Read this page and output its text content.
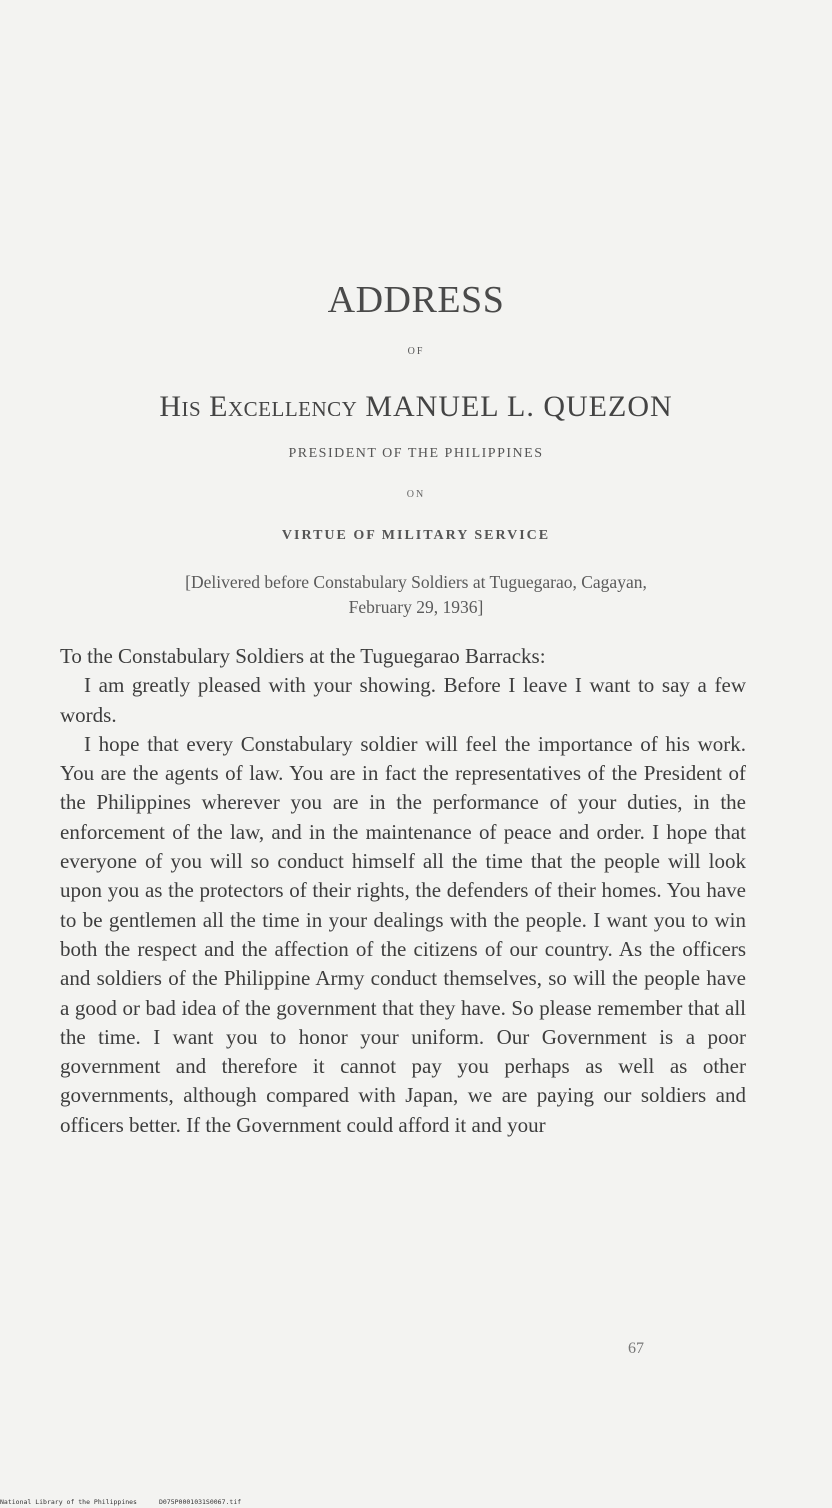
ADDRESS
OF
His Excellency MANUEL L. QUEZON
PRESIDENT OF THE PHILIPPINES
ON
VIRTUE OF MILITARY SERVICE
[Delivered before Constabulary Soldiers at Tuguegarao, Cagayan,
February 29, 1936]

To the Constabulary Soldiers at the Tuguegarao Barracks:

I am greatly pleased with your showing. Before I leave I want to say a few words.

I hope that every Constabulary soldier will feel the importance of his work. You are the agents of law. You are in fact the representatives of the President of the Philippines wherever you are in the performance of your duties, in the enforcement of the law, and in the maintenance of peace and order. I hope that everyone of you will so conduct himself all the time that the people will look upon you as the protectors of their rights, the defenders of their homes. You have to be gentlemen all the time in your dealings with the people. I want you to win both the respect and the affection of the citizens of our country. As the officers and soldiers of the Philippine Army conduct themselves, so will the people have a good or bad idea of the government that they have. So please remember that all the time. I want you to honor your uniform. Our Government is a poor government and therefore it cannot pay you perhaps as well as other governments, although compared with Japan, we are paying our soldiers and officers better. If the Government could afford it and your

67
National Library of the Philippines	D075P0001031S0067.tif
